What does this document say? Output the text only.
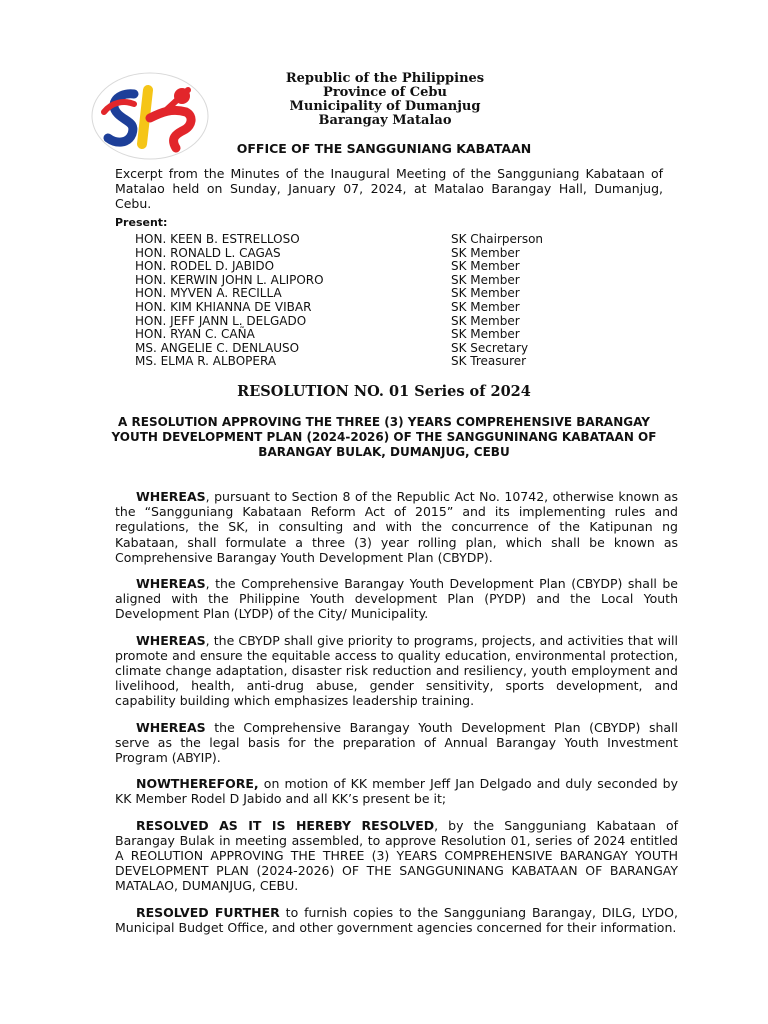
Republic of the Philippines
Province of Cebu
Municipality of Dumanjug
Barangay Matalao
OFFICE OF THE SANGGUNIANG KABATAAN
Excerpt from the Minutes of the Inaugural Meeting of the Sangguniang Kabataan of Matalao held on Sunday, January 07, 2024, at Matalao Barangay Hall, Dumanjug, Cebu.
Present:
HON. KEEN B. ESTRELLOSO	SK Chairperson
HON. RONALD L. CAGAS	SK Member
HON. RODEL D. JABIDO	SK Member
HON. KERWIN JOHN L. ALIPORO	SK Member
HON. MYVEN A. RECILLA	SK Member
HON. KIM KHIANNA DE VIBAR	SK Member
HON. JEFF JANN L. DELGADO	SK Member
HON. RYAN C. CAÑA	SK Member
MS. ANGELIE C. DENLAUSO	SK Secretary
MS. ELMA R. ALBOPERA	SK Treasurer
RESOLUTION NO. 01 Series of 2024
A RESOLUTION APPROVING THE THREE (3) YEARS COMPREHENSIVE BARANGAY YOUTH DEVELOPMENT PLAN (2024-2026) OF THE SANGGUNINANG KABATAAN OF BARANGAY BULAK, DUMANJUG, CEBU

WHEREAS, pursuant to Section 8 of the Republic Act No. 10742, otherwise known as the “Sangguniang Kabataan Reform Act of 2015” and its implementing rules and regulations, the SK, in consulting and with the concurrence of the Katipunan ng Kabataan, shall formulate a three (3) year rolling plan, which shall be known as Comprehensive Barangay Youth Development Plan (CBYDP).

WHEREAS, the Comprehensive Barangay Youth Development Plan (CBYDP) shall be aligned with the Philippine Youth development Plan (PYDP) and the Local Youth Development Plan (LYDP) of the City/ Municipality.

WHEREAS, the CBYDP shall give priority to programs, projects, and activities that will promote and ensure the equitable access to quality education, environmental protection, climate change adaptation, disaster risk reduction and resiliency, youth employment and livelihood, health, anti-drug abuse, gender sensitivity, sports development, and capability building which emphasizes leadership training.

WHEREAS the Comprehensive Barangay Youth Development Plan (CBYDP) shall serve as the legal basis for the preparation of Annual Barangay Youth Investment Program (ABYIP).

NOWTHEREFORE, on motion of KK member Jeff Jan Delgado and duly seconded by KK Member Rodel D Jabido and all KK’s present be it;

RESOLVED AS IT IS HEREBY RESOLVED, by the Sangguniang Kabataan of Barangay Bulak in meeting assembled, to approve Resolution 01, series of 2024 entitled A REOLUTION APPROVING THE THREE (3) YEARS COMPREHENSIVE BARANGAY YOUTH DEVELOPMENT PLAN (2024-2026) OF THE SANGGUNINANG KABATAAN OF BARANGAY MATALAO, DUMANJUG, CEBU.

RESOLVED FURTHER to furnish copies to the Sangguniang Barangay, DILG, LYDO, Municipal Budget Office, and other government agencies concerned for their information.
